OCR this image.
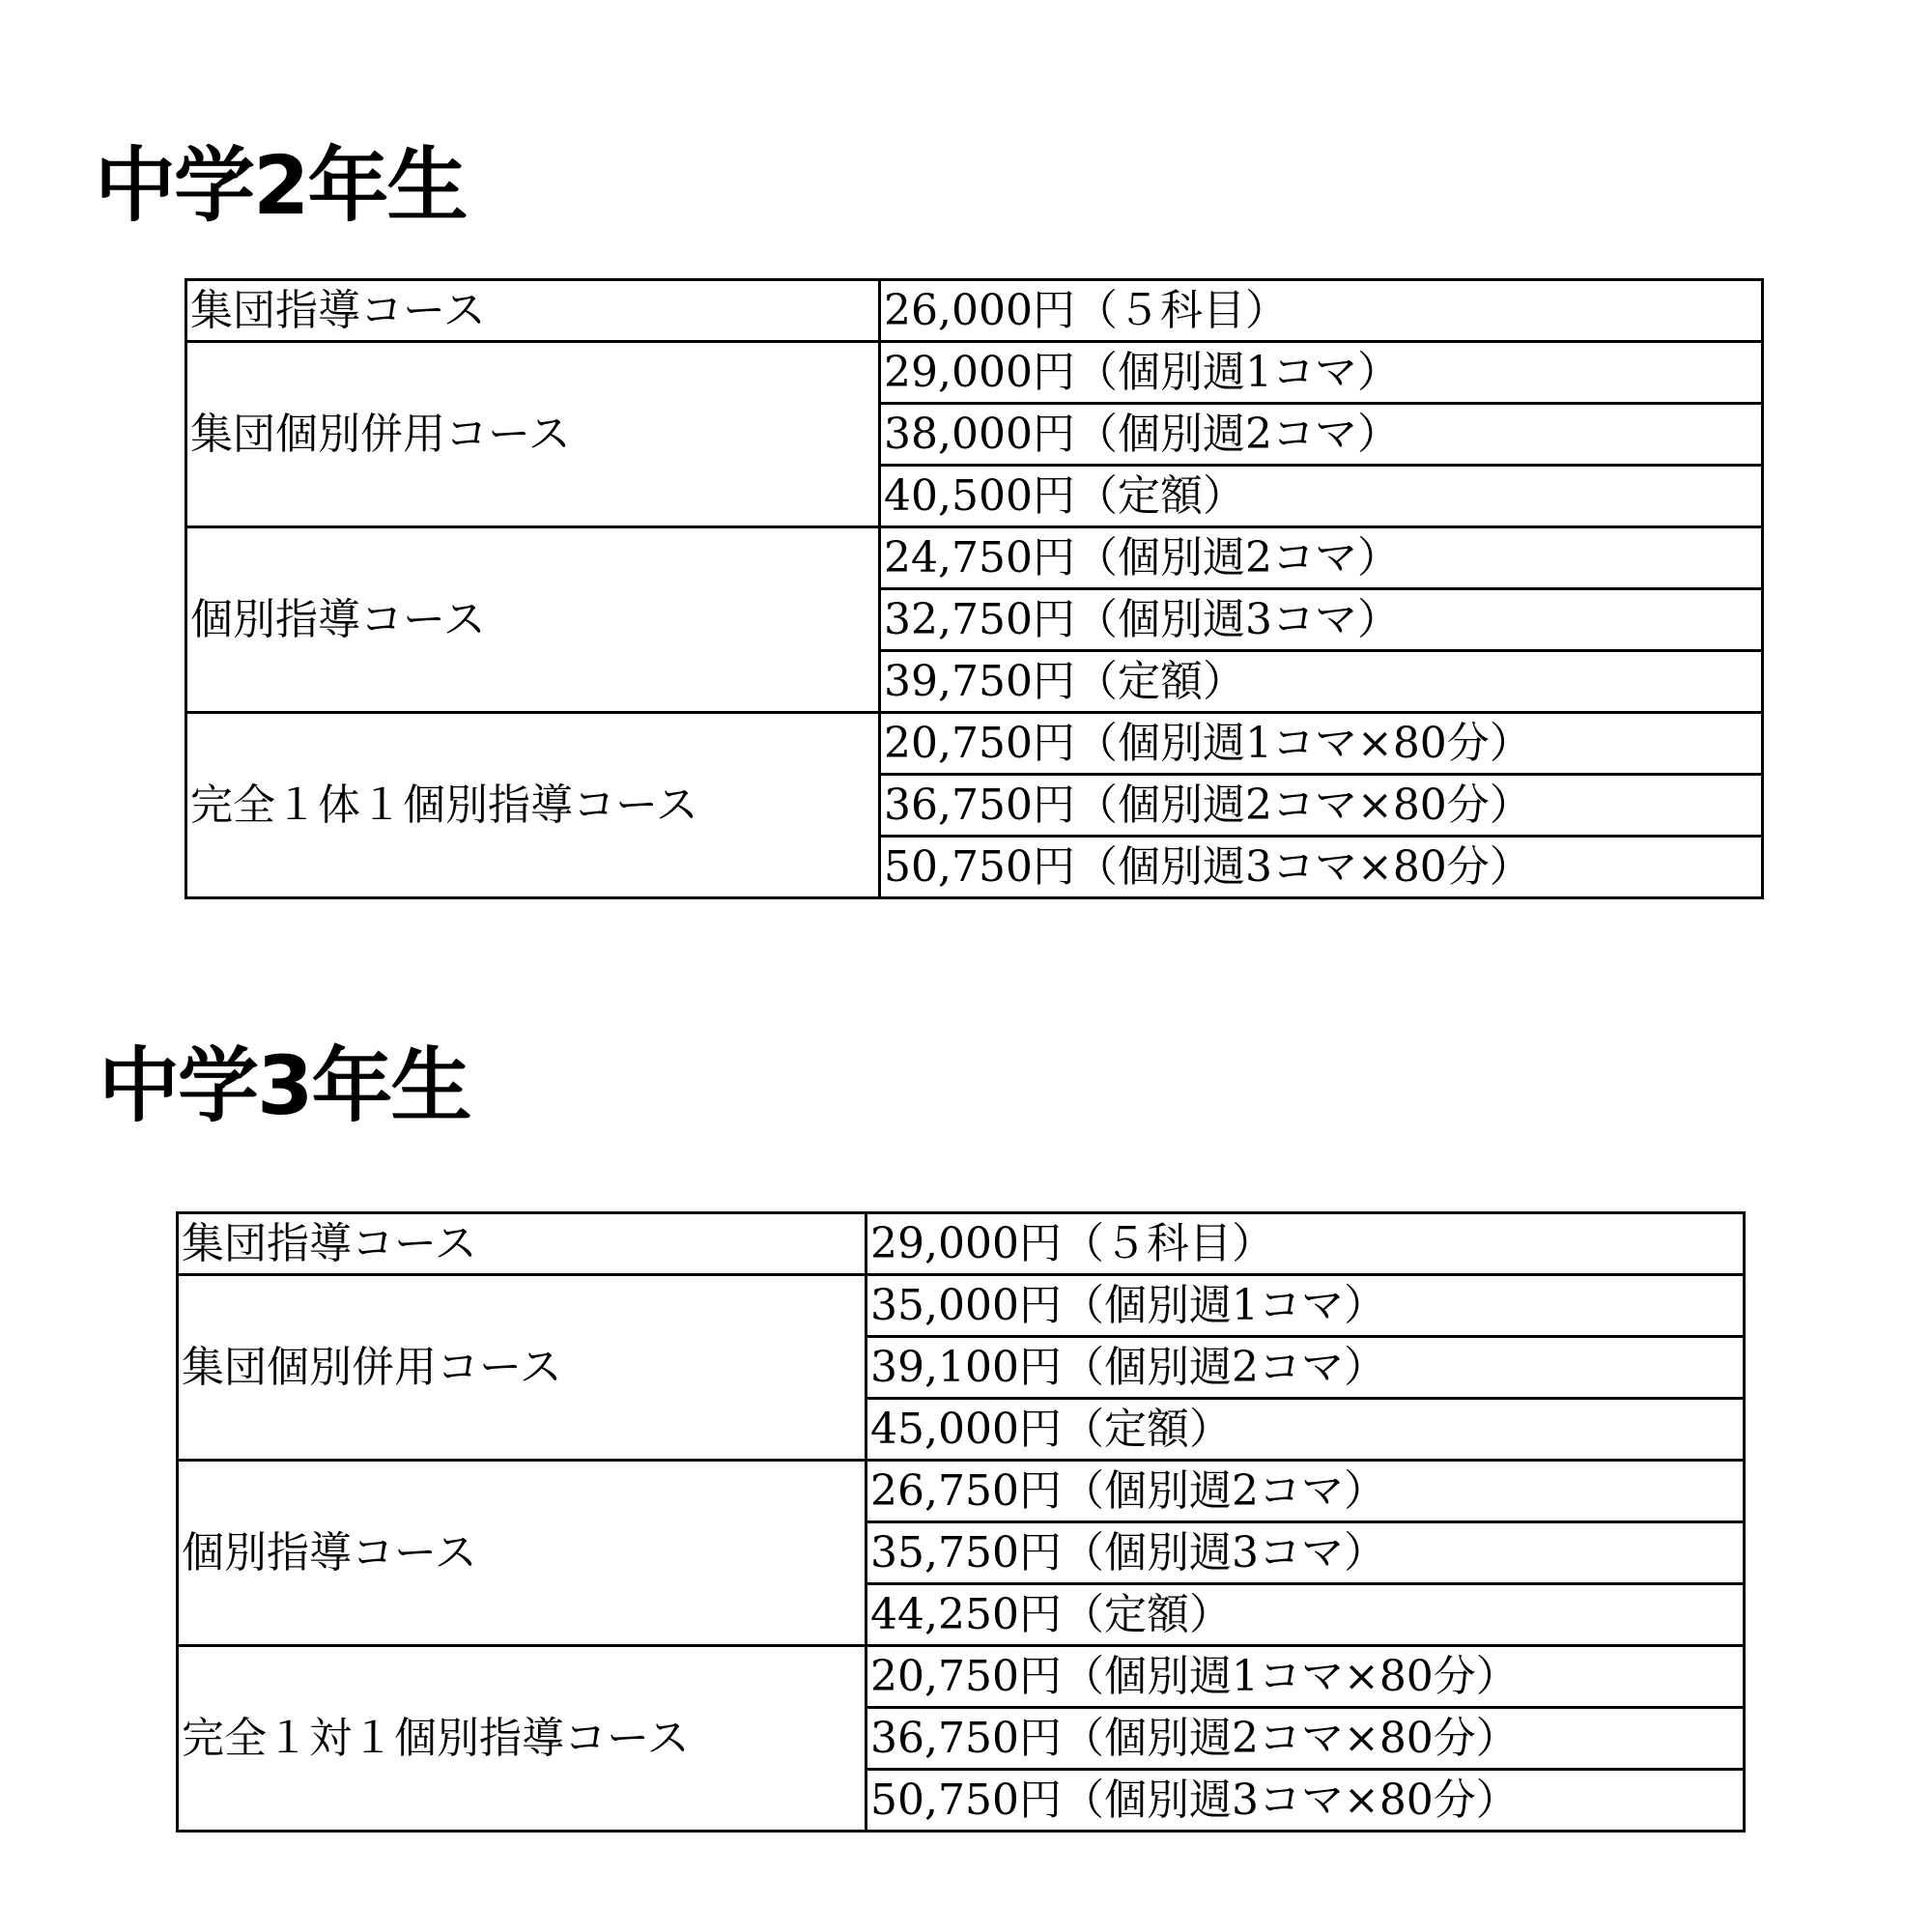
中学2年生
集団指導コース	26,000円（５科目）
集団個別併用コース	29,000円（個別週1コマ）
	38,000円（個別週2コマ）
	40,500円（定額）
個別指導コース	24,750円（個別週2コマ）
	32,750円（個別週3コマ）
	39,750円（定額）
完全１体１個別指導コース	20,750円（個別週1コマ×80分）
	36,750円（個別週2コマ×80分）
	50,750円（個別週3コマ×80分）
中学3年生
集団指導コース	29,000円（５科目）
集団個別併用コース	35,000円（個別週1コマ）
	39,100円（個別週2コマ）
	45,000円（定額）
個別指導コース	26,750円（個別週2コマ）
	35,750円（個別週3コマ）
	44,250円（定額）
完全１対１個別指導コース	20,750円（個別週1コマ×80分）
	36,750円（個別週2コマ×80分）
	50,750円（個別週3コマ×80分）
